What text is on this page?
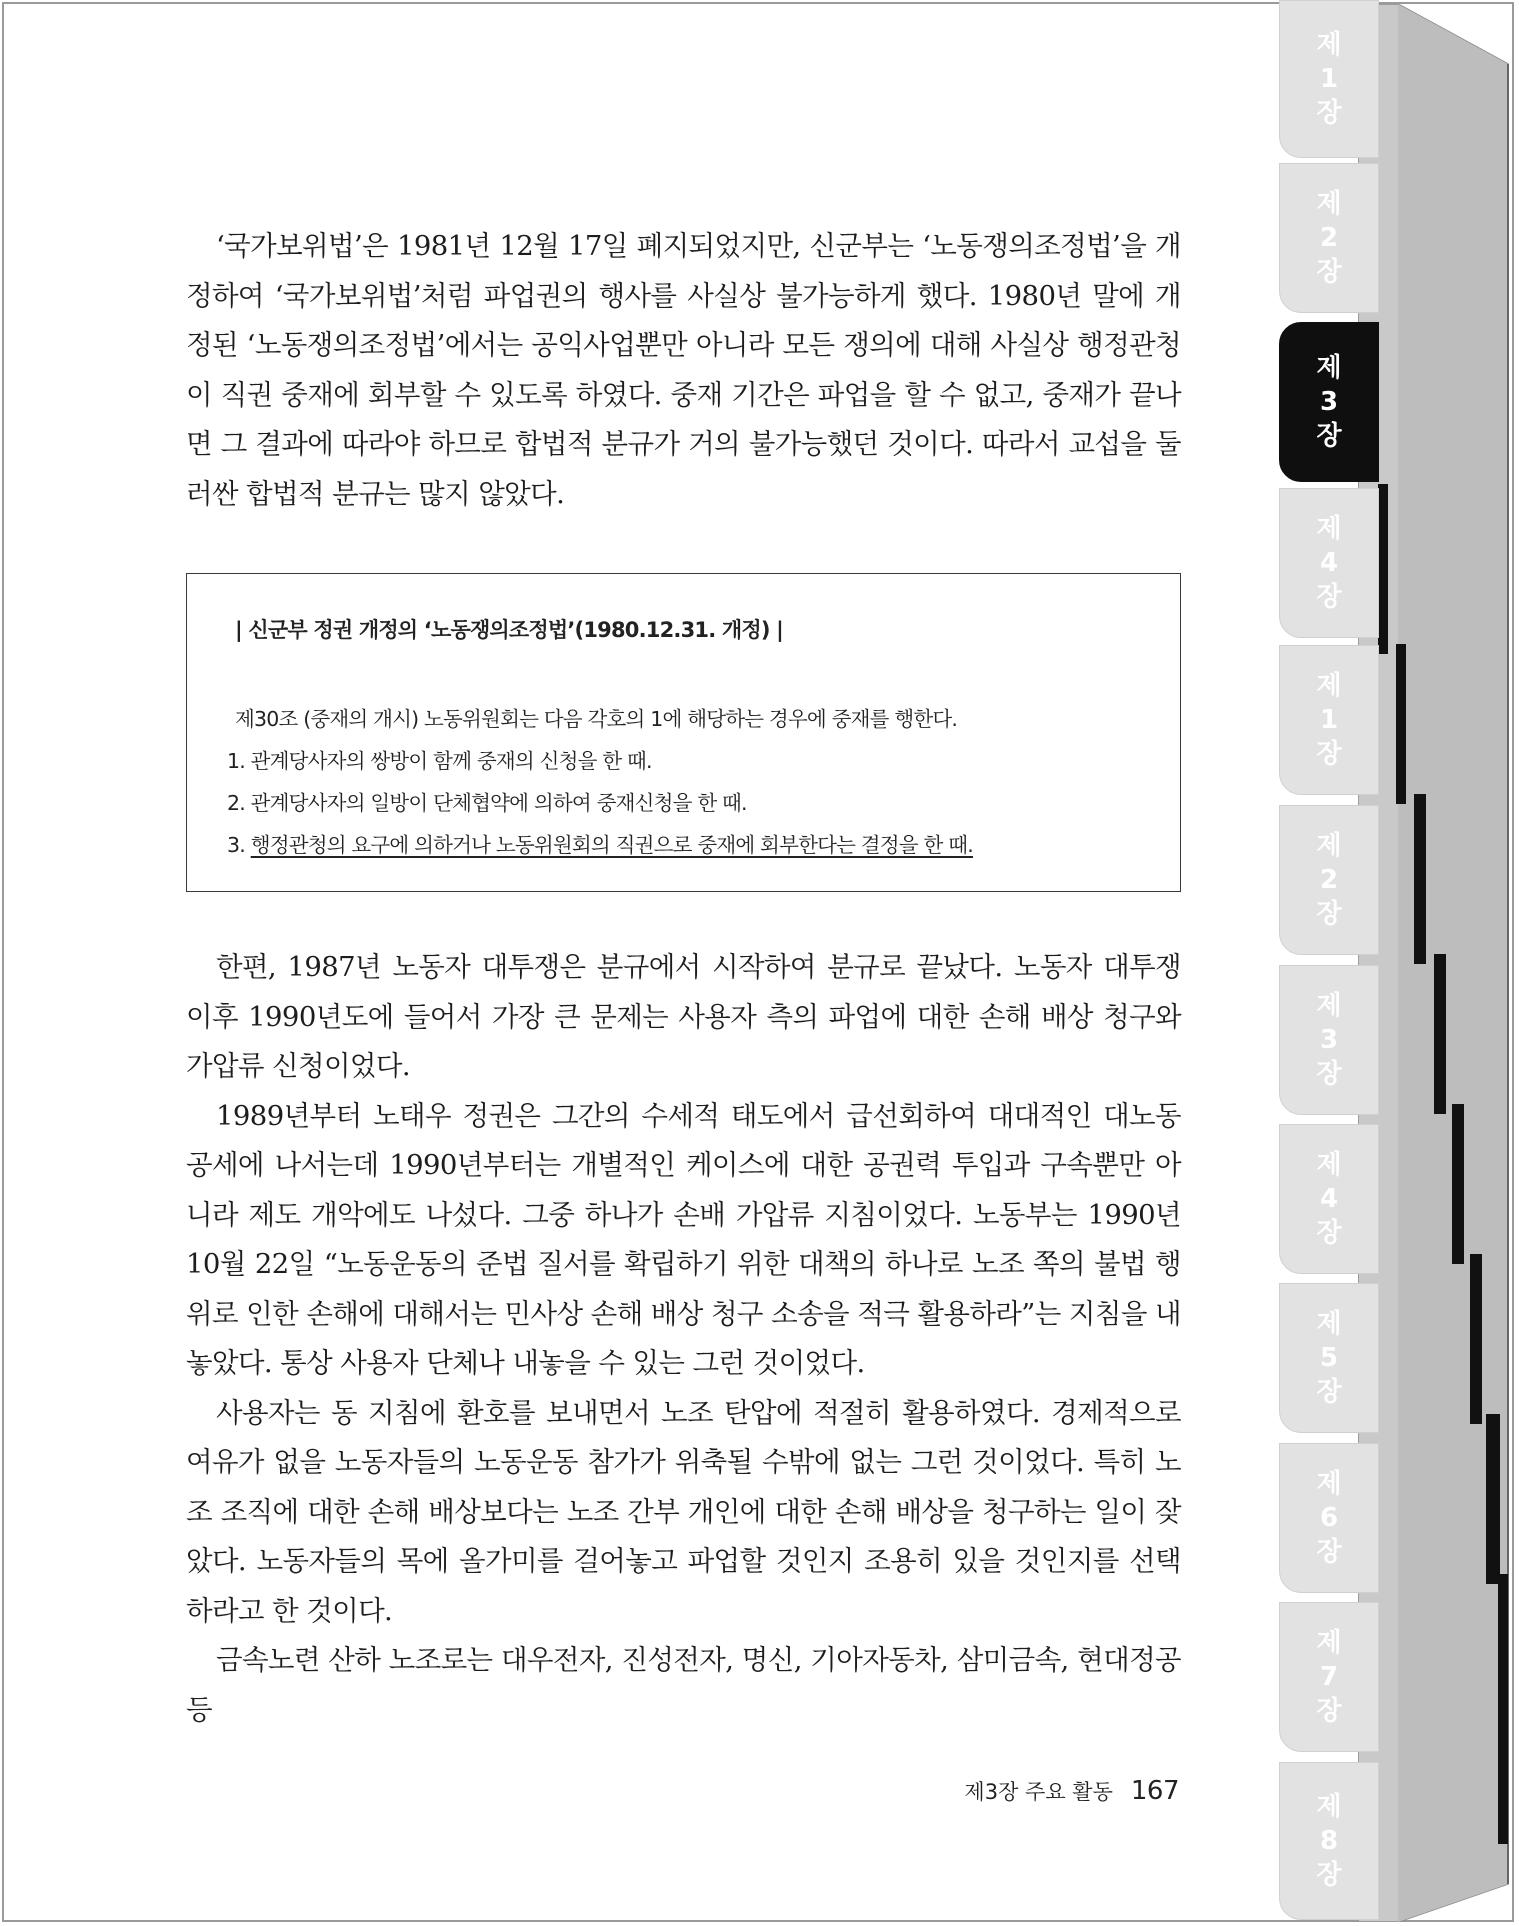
제
1
장
제
2
장
제
3
장
제
4
장
제
1
장
제
2
장
제
3
장
제
4
장
제
5
장
제
6
장
제
7
장
제
8
장

‘국가보위법’은 1981년 12월 17일 폐지되었지만, 신군부는 ‘노동쟁의조정법’을 개정하여 ‘국가보위법’처럼 파업권의 행사를 사실상 불가능하게 했다. 1980년 말에 개정된 ‘노동쟁의조정법’에서는 공익사업뿐만 아니라 모든 쟁의에 대해 사실상 행정관청이 직권 중재에 회부할 수 있도록 하였다. 중재 기간은 파업을 할 수 없고, 중재가 끝나면 그 결과에 따라야 하므로 합법적 분규가 거의 불가능했던 것이다. 따라서 교섭을 둘러싼 합법적 분규는 많지 않았다.

| 신군부 정권 개정의 ‘노동쟁의조정법’(1980.12.31. 개정) |
제30조 (중재의 개시) 노동위원회는 다음 각호의 1에 해당하는 경우에 중재를 행한다.
1. 관계당사자의 쌍방이 함께 중재의 신청을 한 때.
2. 관계당사자의 일방이 단체협약에 의하여 중재신청을 한 때.
3. 행정관청의 요구에 의하거나 노동위원회의 직권으로 중재에 회부한다는 결정을 한 때.

한편, 1987년 노동자 대투쟁은 분규에서 시작하여 분규로 끝났다. 노동자 대투쟁 이후 1990년도에 들어서 가장 큰 문제는 사용자 측의 파업에 대한 손해 배상 청구와 가압류 신청이었다.

1989년부터 노태우 정권은 그간의 수세적 태도에서 급선회하여 대대적인 대노동 공세에 나서는데 1990년부터는 개별적인 케이스에 대한 공권력 투입과 구속뿐만 아니라 제도 개악에도 나섰다. 그중 하나가 손배 가압류 지침이었다. 노동부는 1990년 10월 22일 “노동운동의 준법 질서를 확립하기 위한 대책의 하나로 노조 쪽의 불법 행위로 인한 손해에 대해서는 민사상 손해 배상 청구 소송을 적극 활용하라”는 지침을 내놓았다. 통상 사용자 단체나 내놓을 수 있는 그런 것이었다.

사용자는 동 지침에 환호를 보내면서 노조 탄압에 적절히 활용하였다. 경제적으로 여유가 없을 노동자들의 노동운동 참가가 위축될 수밖에 없는 그런 것이었다. 특히 노조 조직에 대한 손해 배상보다는 노조 간부 개인에 대한 손해 배상을 청구하는 일이 잦았다. 노동자들의 목에 올가미를 걸어놓고 파업할 것인지 조용히 있을 것인지를 선택하라고 한 것이다.

금속노련 산하 노조로는 대우전자, 진성전자, 명신, 기아자동차, 삼미금속, 현대정공 등

제3장 주요 활동 167
